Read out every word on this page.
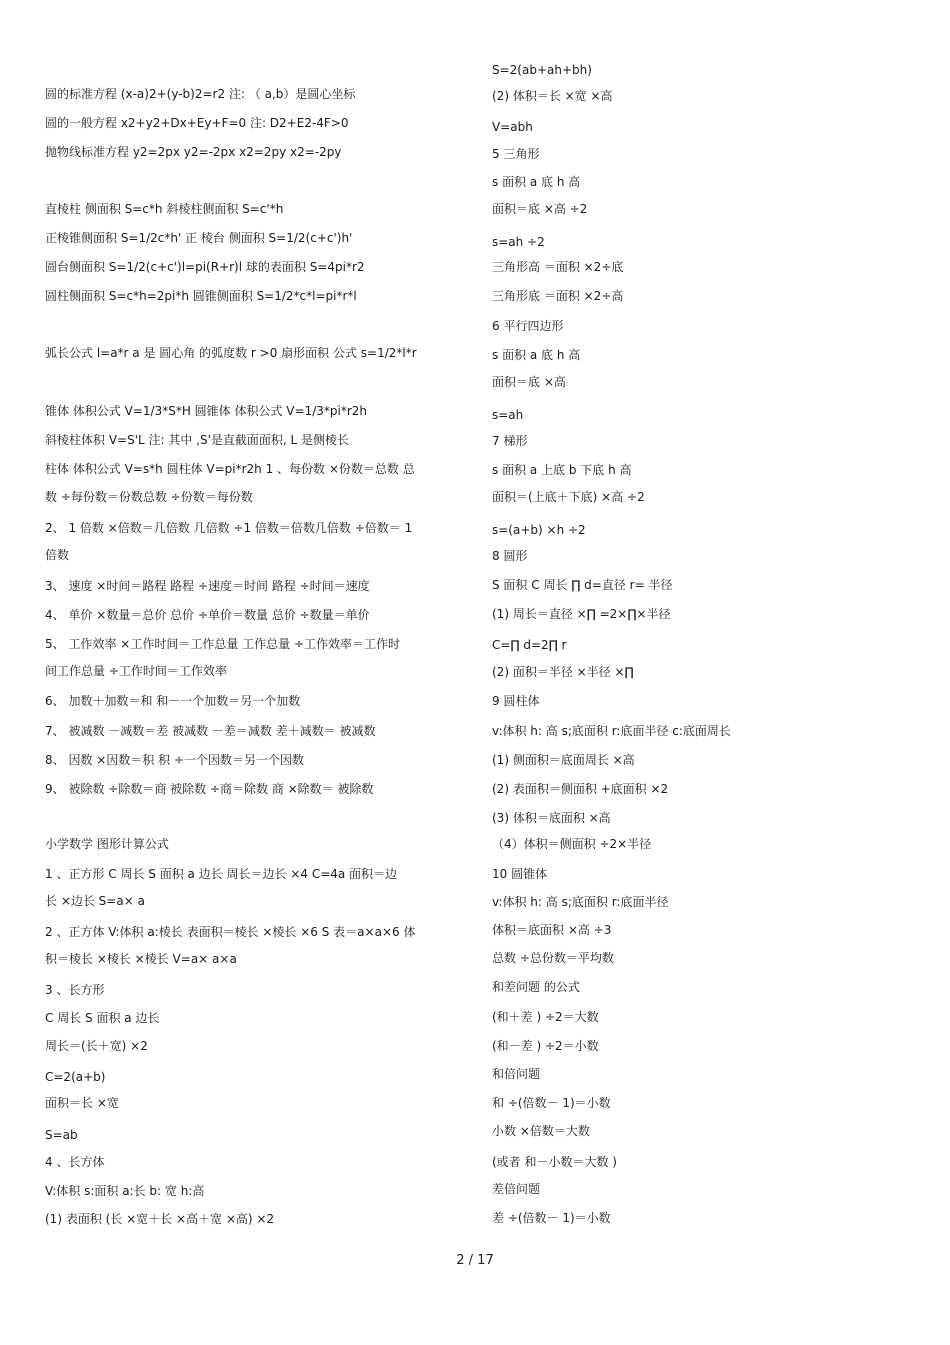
圆的标准方程 (x-a)2+(y-b)2=r2 注: （ a,b）是圆心坐标
圆的一般方程 x2+y2+Dx+Ey+F=0 注: D2+E2-4F>0
抛物线标准方程 y2=2px y2=-2px x2=2py x2=-2py
直棱柱 侧面积 S=c*h 斜棱柱侧面积 S=c'*h
正棱锥侧面积 S=1/2c*h' 正 棱台 侧面积 S=1/2(c+c')h'
圆台侧面积 S=1/2(c+c')l=pi(R+r)l 球的表面积 S=4pi*r2
圆柱侧面积 S=c*h=2pi*h 圆锥侧面积 S=1/2*c*l=pi*r*l
弧长公式 l=a*r a 是 圆心角 的弧度数 r >0 扇形面积 公式 s=1/2*l*r
锥体 体积公式 V=1/3*S*H 圆锥体 体积公式 V=1/3*pi*r2h
斜棱柱体积 V=S'L 注: 其中 ,S'是直截面面积, L 是侧棱长
柱体 体积公式 V=s*h 圆柱体 V=pi*r2h 1 、每份数 ×份数＝总数 总
数 ÷每份数＝份数总数 ÷份数＝每份数
2、 1 倍数 ×倍数＝几倍数 几倍数 ÷1 倍数＝倍数几倍数 ÷倍数＝ 1
倍数
3、 速度 ×时间＝路程 路程 ÷速度＝时间 路程 ÷时间＝速度
4、 单价 ×数量＝总价 总价 ÷单价＝数量 总价 ÷数量＝单价
5、 工作效率 ×工作时间＝工作总量 工作总量 ÷工作效率＝工作时
间工作总量 ÷工作时间＝工作效率
6、 加数＋加数＝和 和－一个加数＝另一个加数
7、 被减数 －减数＝差 被减数 －差＝减数 差＋减数＝ 被减数
8、 因数 ×因数＝积 积 ÷一个因数＝另一个因数
9、 被除数 ÷除数＝商 被除数 ÷商＝除数 商 ×除数＝ 被除数
小学数学 图形计算公式
1 、正方形 C 周长 S 面积 a 边长 周长＝边长 ×4 C=4a 面积＝边
长 ×边长 S=a× a
2 、正方体 V:体积 a:棱长 表面积＝棱长 ×棱长 ×6 S 表＝a×a×6 体
积＝棱长 ×棱长 ×棱长 V=a× a×a
3 、长方形
C 周长 S 面积 a 边长
周长＝(长＋宽) ×2
C=2(a+b)
面积＝长 ×宽
S=ab
4 、长方体
V:体积 s:面积 a:长 b: 宽 h:高
(1) 表面积 (长 ×宽＋长 ×高＋宽 ×高) ×2
S=2(ab+ah+bh)
(2) 体积＝长 ×宽 ×高
V=abh
5 三角形
s 面积 a 底 h 高
面积＝底 ×高 ÷2
s=ah ÷2
三角形高 ＝面积 ×2÷底
三角形底 ＝面积 ×2÷高
6 平行四边形
s 面积 a 底 h 高
面积＝底 ×高
s=ah
7 梯形
s 面积 a 上底 b 下底 h 高
面积＝(上底＋下底) ×高 ÷2
s=(a+b) ×h ÷2
8 圆形
S 面积 C 周长 ∏ d=直径 r= 半径
(1) 周长＝直径 ×∏ =2×∏×半径
C=∏ d=2∏ r
(2) 面积＝半径 ×半径 ×∏
9 圆柱体
v:体积 h: 高 s;底面积 r:底面半径 c:底面周长
(1) 侧面积＝底面周长 ×高
(2) 表面积＝侧面积 +底面积 ×2
(3) 体积＝底面积 ×高
（4）体积＝侧面积 ÷2×半径
10 圆锥体
v:体积 h: 高 s;底面积 r:底面半径
体积＝底面积 ×高 ÷3
总数 ÷总份数＝平均数
和差问题 的公式
(和＋差 ) ÷2＝大数
(和－差 ) ÷2＝小数
和倍问题
和 ÷(倍数－ 1)＝小数
小数 ×倍数＝大数
(或者 和－小数＝大数 )
差倍问题
差 ÷(倍数－ 1)＝小数
2 / 17
